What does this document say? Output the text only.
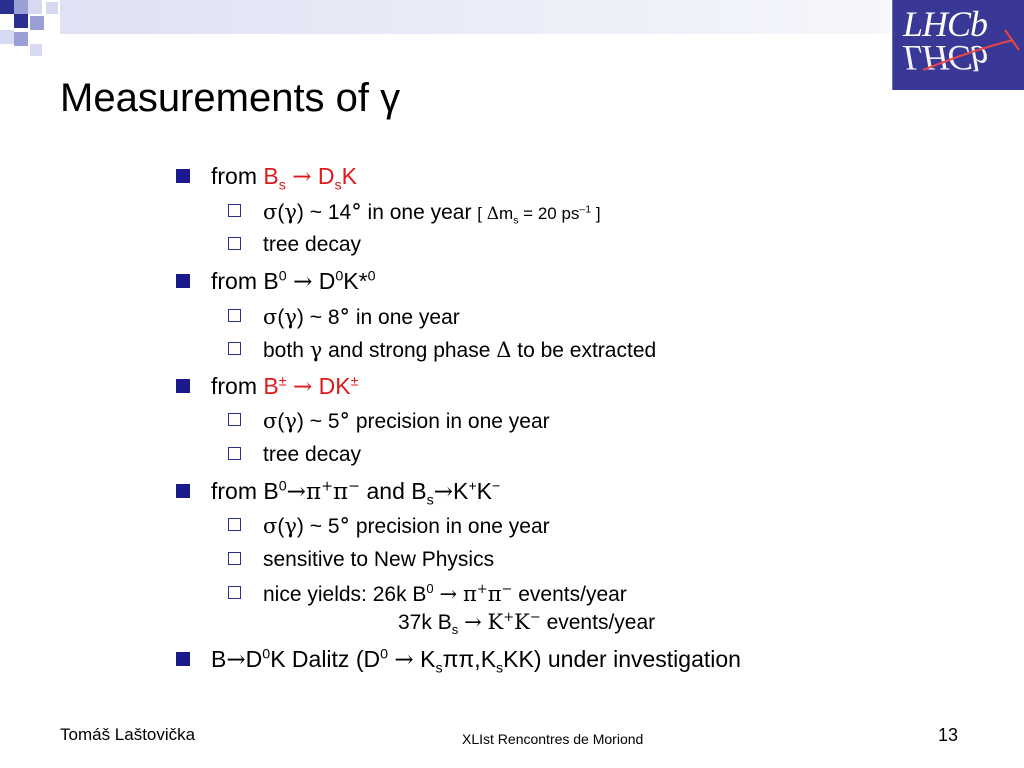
LHCb
LHCb
Measurements of γ
from $B_s \to D_sK$
σ(γ) ~ 14° in one year [ $\Delta m_s = 20$ $ps^{-1}$ ]
tree decay
from $B^0 \to D^0K*^0$
σ(γ) ~ 8° in one year
both γ and strong phase Δ to be extracted
from B± → DK±
σ(γ) ~ 5° precision in one year
tree decay
from $B^0\to\pi^+\pi^-$ and $B_s\to K^+K^-$
σ(γ) ~ 5° precision in one year
sensitive to New Physics
nice yields: 26k $B^0 \to \pi^+\pi^-$ events/year
37k $B_s \to K^+K^-$ events/year
$B\to D^0K$ Dalitz $(D^0 \to K_s\pi\pi,K_sKK)$ under investigation
Tomáš Laštovička	XLIst Rencontres de Moriond	13
